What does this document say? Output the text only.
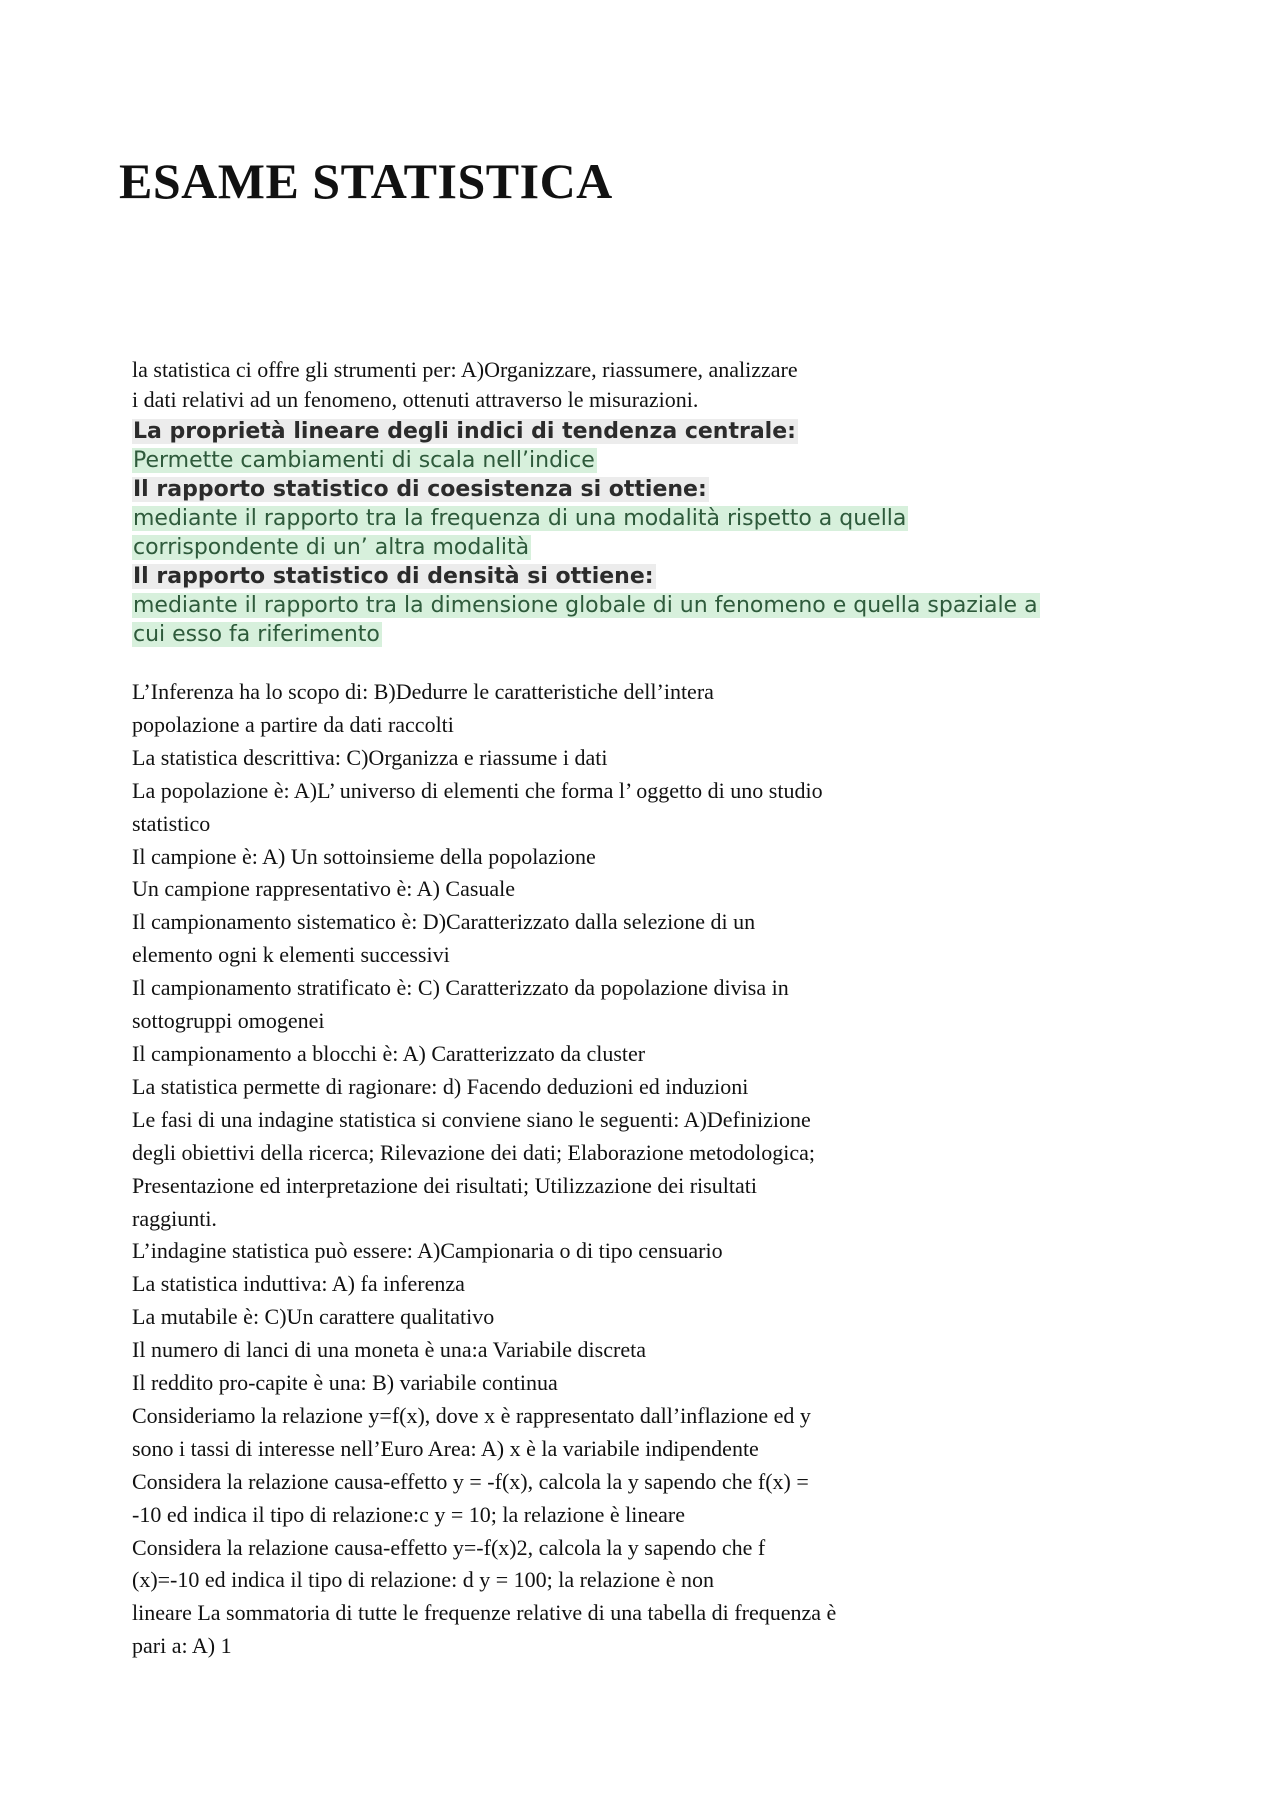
ESAME STATISTICA
la statistica ci offre gli strumenti per: A)Organizzare, riassumere, analizzare
i dati relativi ad un fenomeno, ottenuti attraverso le misurazioni.
La proprietà lineare degli indici di tendenza centrale:
Permette cambiamenti di scala nell’indice
Il rapporto statistico di coesistenza si ottiene:
mediante il rapporto tra la frequenza di una modalità rispetto a quella
corrispondente di un’ altra modalità
Il rapporto statistico di densità si ottiene:
mediante il rapporto tra la dimensione globale di un fenomeno e quella spaziale a
cui esso fa riferimento
L’Inferenza ha lo scopo di: B)Dedurre le caratteristiche dell’intera
popolazione a partire da dati raccolti
La statistica descrittiva: C)Organizza e riassume i dati
La popolazione è: A)L’ universo di elementi che forma l’ oggetto di uno studio
statistico
Il campione è: A) Un sottoinsieme della popolazione
Un campione rappresentativo è: A) Casuale
Il campionamento sistematico è: D)Caratterizzato dalla selezione di un
elemento ogni k elementi successivi
Il campionamento stratificato è: C) Caratterizzato da popolazione divisa in
sottogruppi omogenei
Il campionamento a blocchi è: A) Caratterizzato da cluster
La statistica permette di ragionare: d) Facendo deduzioni ed induzioni
Le fasi di una indagine statistica si conviene siano le seguenti: A)Definizione
degli obiettivi della ricerca; Rilevazione dei dati; Elaborazione metodologica;
Presentazione ed interpretazione dei risultati; Utilizzazione dei risultati
raggiunti.
L’indagine statistica può essere: A)Campionaria o di tipo censuario
La statistica induttiva: A) fa inferenza
La mutabile è: C)Un carattere qualitativo
Il numero di lanci di una moneta è una:a Variabile discreta
Il reddito pro-capite è una: B) variabile continua
Consideriamo la relazione y=f(x), dove x è rappresentato dall’inflazione ed y
sono i tassi di interesse nell’Euro Area: A) x è la variabile indipendente
Considera la relazione causa-effetto y = -f(x), calcola la y sapendo che f(x) =
-10 ed indica il tipo di relazione:c y = 10; la relazione è lineare
Considera la relazione causa-effetto y=-f(x)2, calcola la y sapendo che f
(x)=-10 ed indica il tipo di relazione: d y = 100; la relazione è non
lineare La sommatoria di tutte le frequenze relative di una tabella di frequenza è
pari a: A) 1
